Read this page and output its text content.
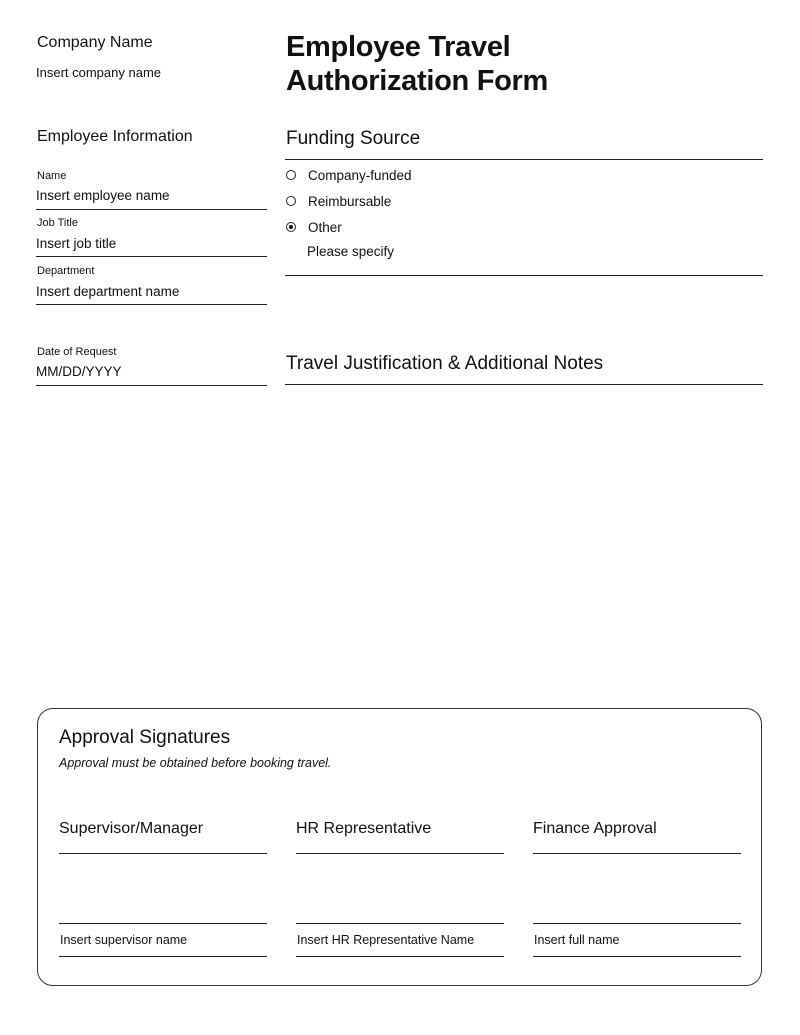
Company Name
Insert company name
Employee Travel
Authorization Form
Employee Information
Name
Insert employee name
Job Title
Insert job title
Department
Insert department name
Date of Request
MM/DD/YYYY
Funding Source
Company-funded
Reimbursable
Other
Please specify
Travel Justification & Additional Notes
Approval Signatures
Approval must be obtained before booking travel.
Supervisor/Manager
Insert supervisor name
HR Representative
Insert HR Representative Name
Finance Approval
Insert full name
